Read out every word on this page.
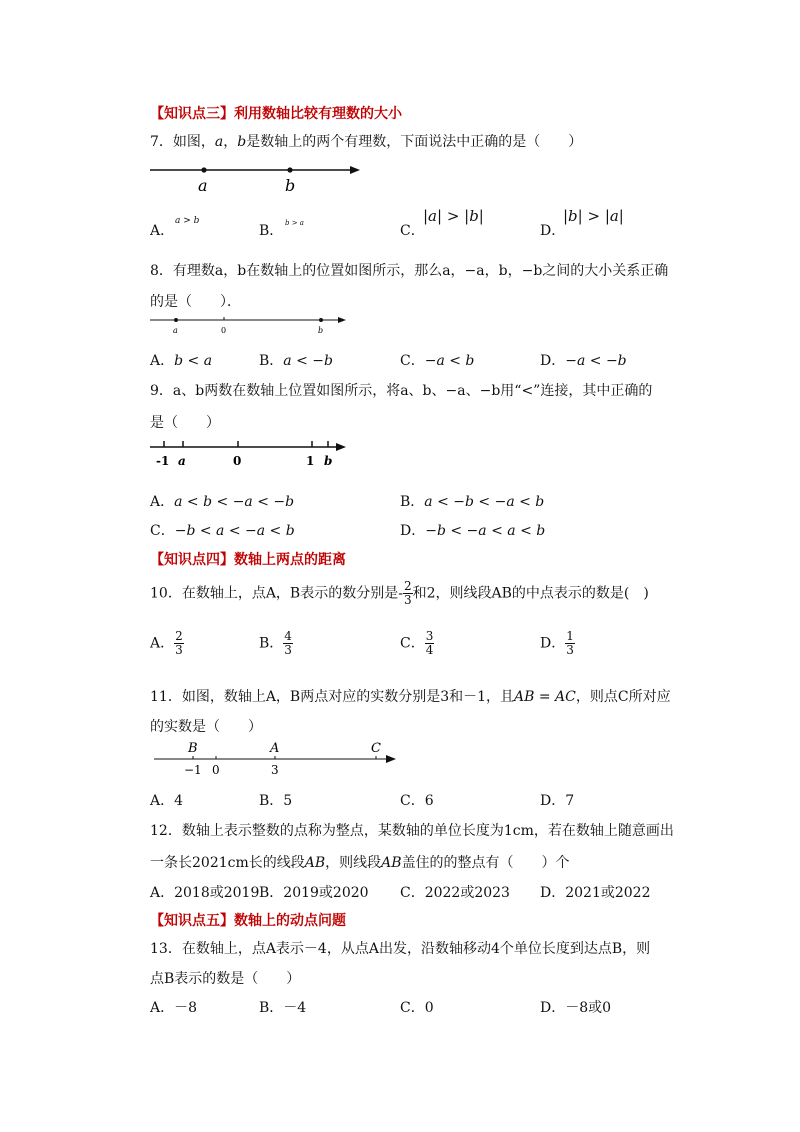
【知识点三】利用数轴比较有理数的大小
7．如图，a，b是数轴上的两个有理数，下面说法中正确的是（　　）
a	b
A．
a > b
B． b > a	C．
|a| > |b|
D．
|b| > |a|
8．有理数a，b在数轴上的位置如图所示，那么a，−a，b，−b之间的大小关系正确
的是（　　）．
a	0	b
A．b < a	B．a < −b	C．−a < b	D．−a < −b
9．a、b两数在数轴上位置如图所示，将a、b、−a、−b用“<”连接，其中正确的
是（　　）
-1 a	0	1 b
A．a < b < −a < −b	B．a < −b < −a < b
C．−b < a < −a < b	D．−b < −a < a < b
【知识点四】数轴上两点的距离
10．在数轴上，点A，B表示的数分别是- $\frac{2}{3}$ 和2，则线段AB的中点表示的数是(　)
A． $\frac{2}{3}$	B． $\frac{4}{3}$	C． $\frac{3}{4}$	D． $\frac{1}{3}$
11．如图，数轴上A，B两点对应的实数分别是3和－1，且AB = AC，则点C所对应
的实数是（　　）
B	A	C
−1 0	3
A．4	B．5	C．6	D．7
12．数轴上表示整数的点称为整点，某数轴的单位长度为1cm，若在数轴上随意画出
一条长2021cm长的线段AB，则线段AB盖住的的整点有（　　）个
A．2018或2019 B．2019或2020 C．2022或2023 D．2021或2022
【知识点五】数轴上的动点问题
13．在数轴上，点A表示－4，从点A出发，沿数轴移动4个单位长度到达点B，则
点B表示的数是（　　）
A．－8	B．－4	C．0	D．－8或0
